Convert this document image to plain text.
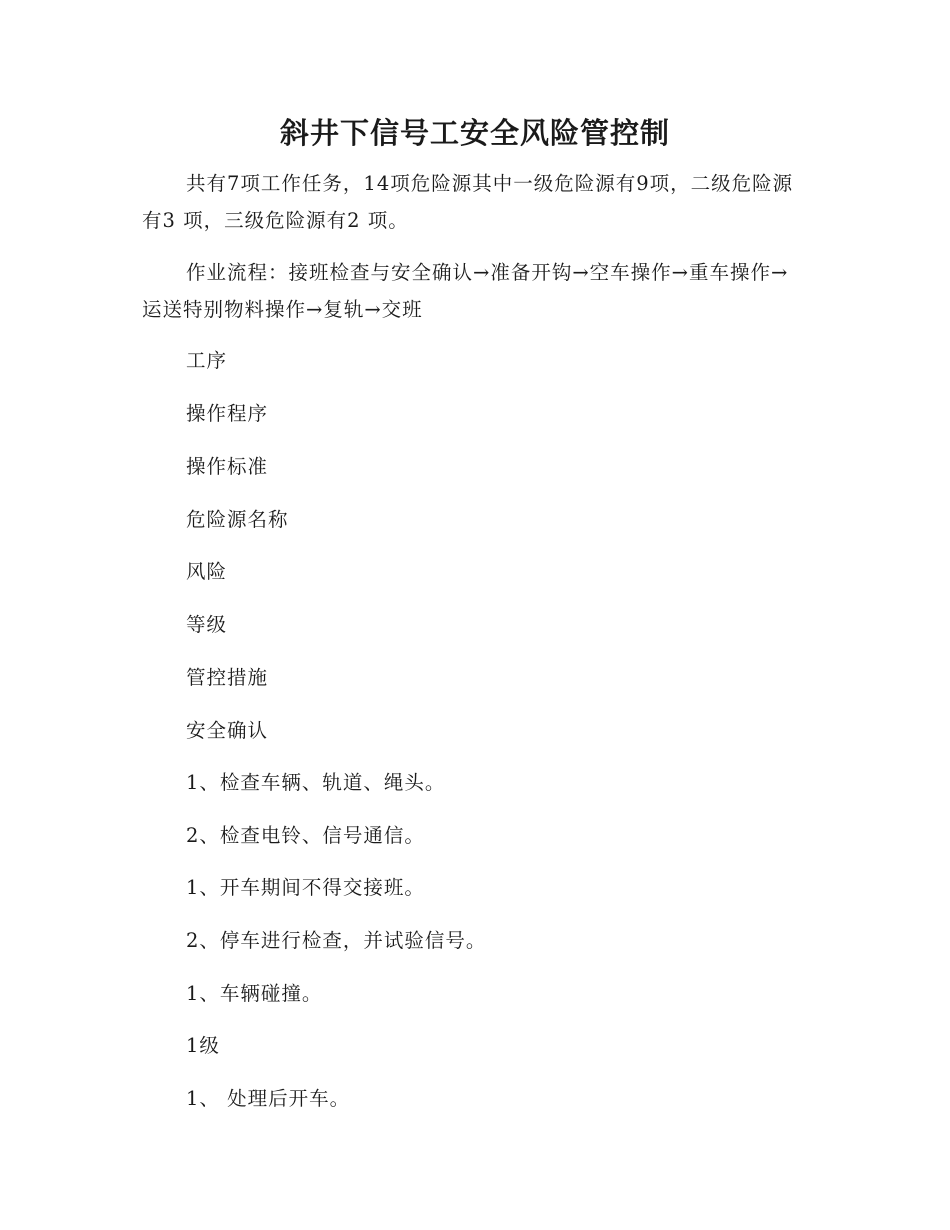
斜井下信号工安全风险管控制

共有7项工作任务，14项危险源其中一级危险源有9项，二级危险源有3 项，三级危险源有2 项。

作业流程：接班检查与安全确认→准备开钩→空车操作→重车操作→运送特别物料操作→复轨→交班

工序

操作程序

操作标准

危险源名称

风险

等级

管控措施

安全确认

1、检查车辆、轨道、绳头。

2、检查电铃、信号通信。

1、开车期间不得交接班。

2、停车进行检查，并试验信号。

1、车辆碰撞。

1级

1、 处理后开车。
